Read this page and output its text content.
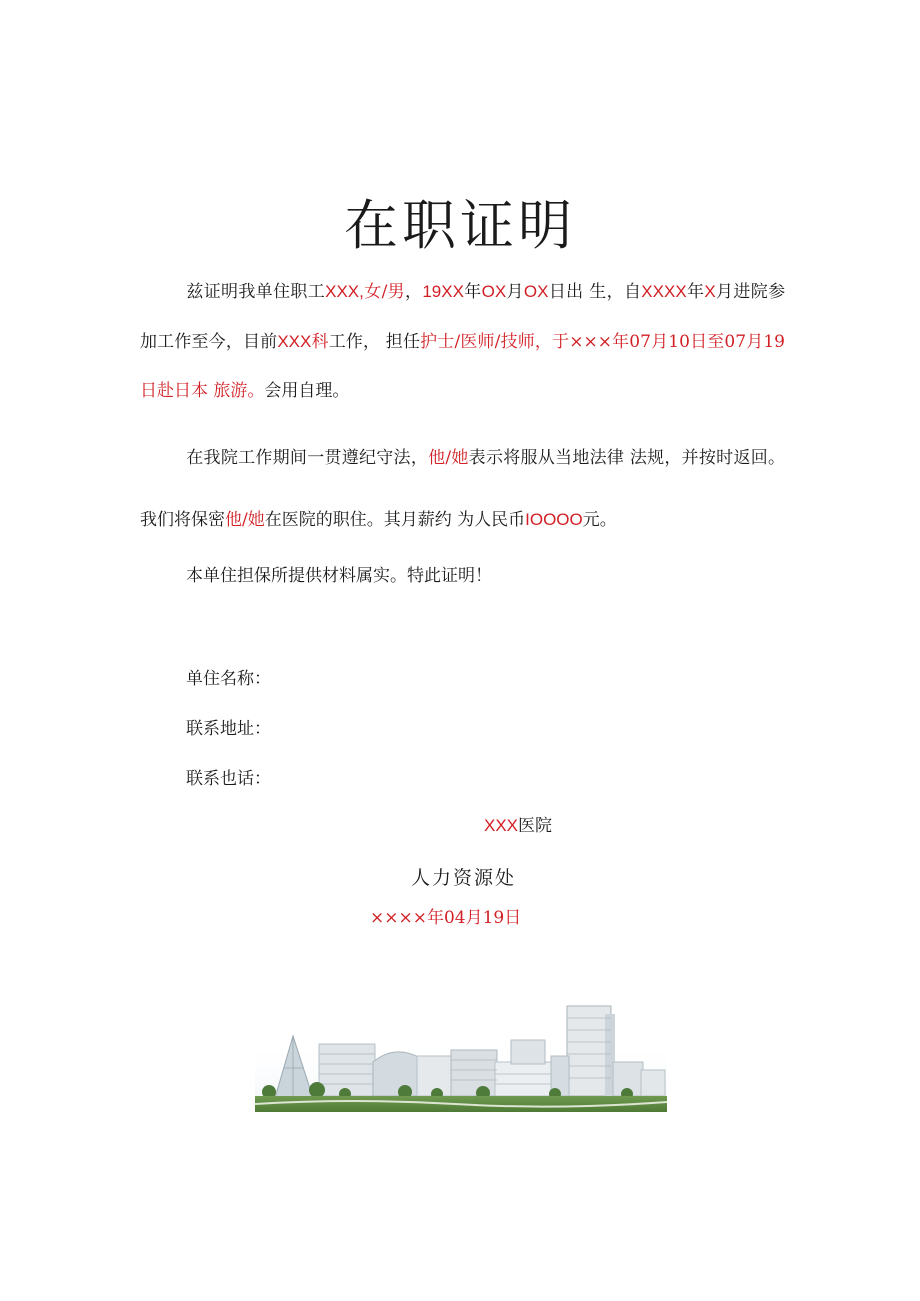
在职证明

兹证明我单住职工XXX,女/男，19XX年OX月OX日出 生，自XXXX年X月进院参加工作至今，目前XXX科工作， 担任护士/医师/技师，于×××年07月10日至07月19 日赴日本 旅游。会用自理。

在我院工作期间一贯遵纪守法，他/她表示将服从当地法律 法规，并按时返回。我们将保密他/她在医院的职住。其月薪约 为人民币IOOOO元。

本单住担保所提供材料属实。特此证明！

单住名称：

联系地址：

联系也话：

XXX医院
人力资源处
××××年04月19日
